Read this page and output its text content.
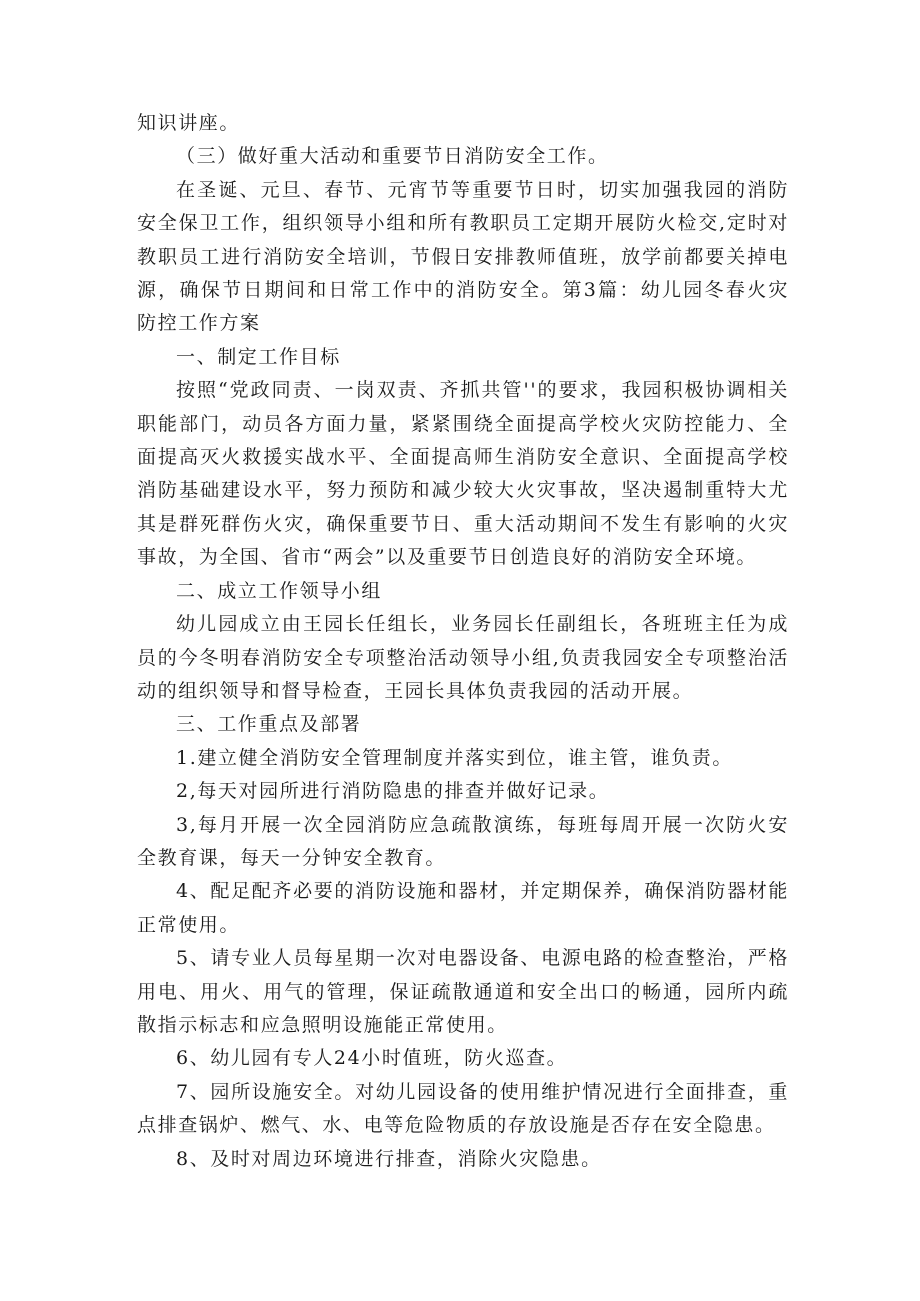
知识讲座。

（三）做好重大活动和重要节日消防安全工作。

在圣诞、元旦、春节、元宵节等重要节日时，切实加强我园的消防安全保卫工作，组织领导小组和所有教职员工定期开展防火检交,定时对教职员工进行消防安全培训，节假日安排教师值班，放学前都要关掉电源，确保节日期间和日常工作中的消防安全。第3篇：幼儿园冬春火灾防控工作方案

一、制定工作目标

按照“党政同责、一岗双责、齐抓共管''的要求，我园积极协调相关职能部门，动员各方面力量，紧紧围绕全面提高学校火灾防控能力、全面提高灭火救援实战水平、全面提高师生消防安全意识、全面提高学校消防基础建设水平，努力预防和减少较大火灾事故，坚决遏制重特大尤其是群死群伤火灾，确保重要节日、重大活动期间不发生有影响的火灾事故，为全国、省市“两会”以及重要节日创造良好的消防安全环境。

二、成立工作领导小组

幼儿园成立由王园长任组长，业务园长任副组长，各班班主任为成员的今冬明春消防安全专项整治活动领导小组,负责我园安全专项整治活动的组织领导和督导检查，王园长具体负责我园的活动开展。

三、工作重点及部署

1.建立健全消防安全管理制度并落实到位，谁主管，谁负责。

2,每天对园所进行消防隐患的排查并做好记录。

3,每月开展一次全园消防应急疏散演练，每班每周开展一次防火安全教育课，每天一分钟安全教育。

4、配足配齐必要的消防设施和器材，并定期保养，确保消防器材能正常使用。

5、请专业人员每星期一次对电器设备、电源电路的检查整治，严格用电、用火、用气的管理，保证疏散通道和安全出口的畅通，园所内疏散指示标志和应急照明设施能正常使用。

6、幼儿园有专人24小时值班，防火巡查。

7、园所设施安全。对幼儿园设备的使用维护情况进行全面排查，重点排查锅炉、燃气、水、电等危险物质的存放设施是否存在安全隐患。

8、及时对周边环境进行排查，消除火灾隐患。
